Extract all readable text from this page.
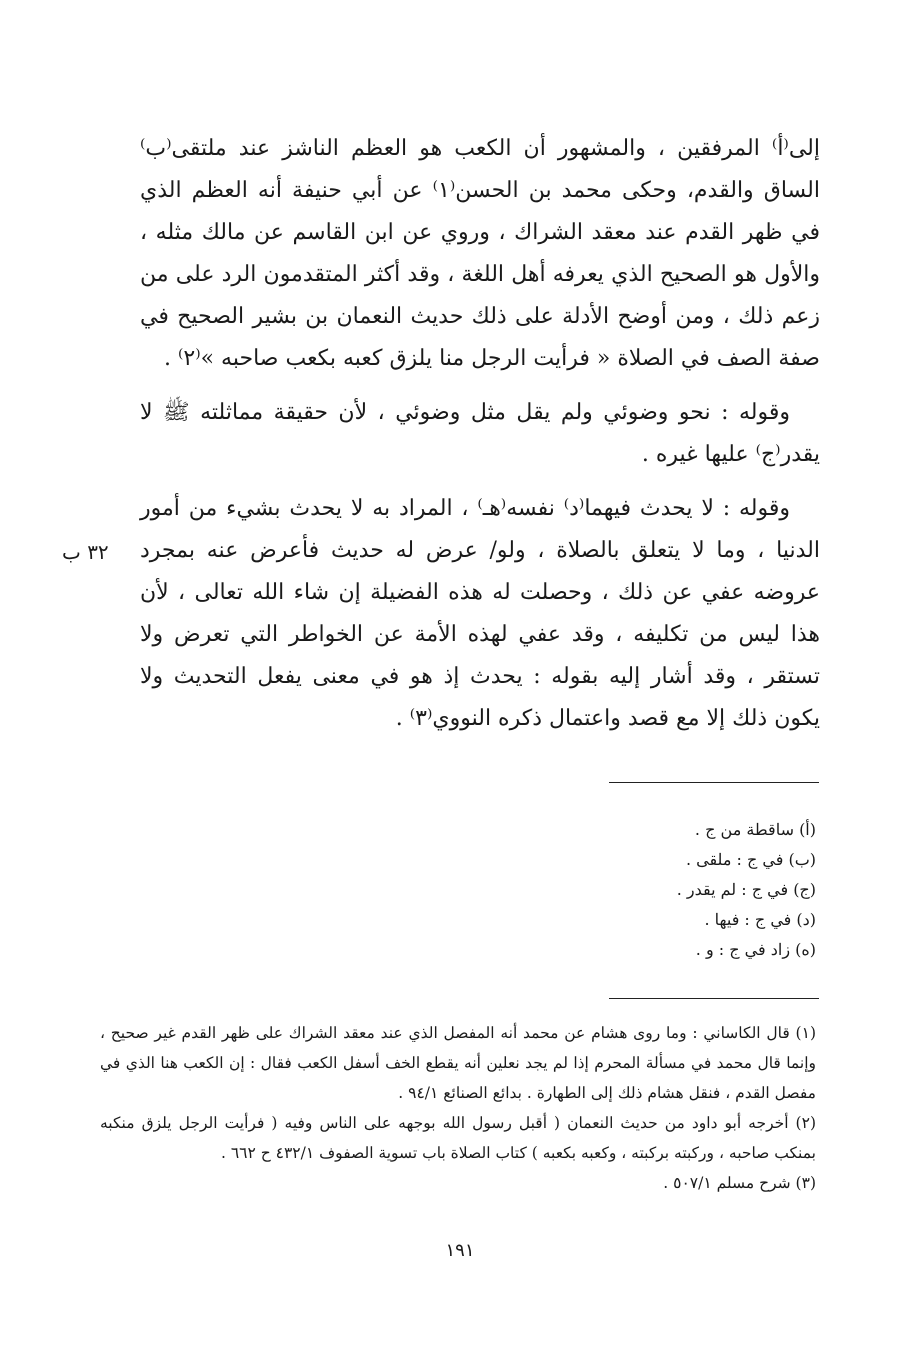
إلى⁽أ⁾ المرفقين ، والمشهور أن الكعب هو العظم الناشز عند ملتقى⁽ب⁾ الساق والقدم، وحكى محمد بن الحسن⁽١⁾ عن أبي حنيفة أنه العظم الذي في ظهر القدم عند معقد الشراك ، وروي عن ابن القاسم عن مالك مثله ، والأول هو الصحيح الذي يعرفه أهل اللغة ، وقد أكثر المتقدمون الرد على من زعم ذلك ، ومن أوضح الأدلة على ذلك حديث النعمان بن بشير الصحيح في صفة الصف في الصلاة « فرأيت الرجل منا يلزق كعبه بكعب صاحبه »⁽٢⁾ .

وقوله : نحو وضوئي ولم يقل مثل وضوئي ، لأن حقيقة مماثلته ﷺ لا يقدر⁽ج⁾ عليها غيره .

وقوله : لا يحدث فيهما⁽د⁾ نفسه⁽هـ⁾ ، المراد به لا يحدث بشيء من أمور الدنيا ، وما لا يتعلق بالصلاة ، ولو/ عرض له حديث فأعرض عنه بمجرد عروضه عفي عن ذلك ، وحصلت له هذه الفضيلة إن شاء الله تعالى ، لأن هذا ليس من تكليفه ، وقد عفي لهذه الأمة عن الخواطر التي تعرض ولا تستقر ، وقد أشار إليه بقوله : يحدث إذ هو في معنى يفعل التحديث ولا يكون ذلك إلا مع قصد واعتمال ذكره النووي⁽٣⁾ .

٣٢ ب
(أ) ساقطة من ج .
(ب) في ج : ملقى .
(ج) في ج : لم يقدر .
(د) في ج : فيها .
(ه) زاد في ج : و .
(١) قال الكاساني : وما روى هشام عن محمد أنه المفصل الذي عند معقد الشراك على ظهر القدم غير صحيح ، وإنما قال محمد في مسألة المحرم إذا لم يجد نعلين أنه يقطع الخف أسفل الكعب فقال : إن الكعب هنا الذي في مفصل القدم ، فنقل هشام ذلك إلى الطهارة . بدائع الصنائع ٩٤/١ .
(٢) أخرجه أبو داود من حديث النعمان ( أقبل رسول الله بوجهه على الناس وفيه ( فرأيت الرجل يلزق منكبه بمنكب صاحبه ، وركبته بركبته ، وكعبه بكعبه ) كتاب الصلاة باب تسوية الصفوف ٤٣٢/١ ح ٦٦٢ .
(٣) شرح مسلم ٥٠٧/١ .
١٩١
